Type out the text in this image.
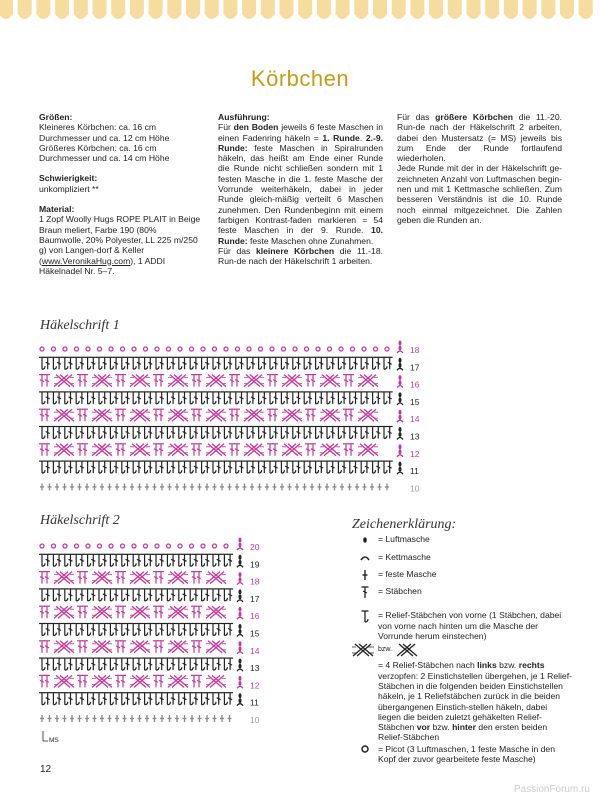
Körbchen

Größen:
Kleineres Körbchen: ca. 16 cm Durchmesser und ca. 12 cm Höhe
Größeres Körbchen: ca. 16 cm Durchmesser und ca. 14 cm Höhe

Schwierigkeit:
unkompliziert **

Material:
1 Zopf Woolly Hugs ROPE PLAIT in Beige Braun meliert, Farbe 190 (80% Baumwolle, 20% Polyester, LL 225 m/250 g) von Langen-dorf & Keller (www.VeronikaHug.com), 1 ADDI Häkelnadel Nr. 5–7.

Ausführung:
Für den Boden jeweils 6 feste Maschen in einen Fadenring häkeln = 1. Runde. 2.-9. Runde: feste Maschen in Spiralrunden häkeln, das heißt am Ende einer Runde die Runde nicht schließen sondern mit 1 festen Masche in die 1. feste Masche der Vorrunde weiterhäkeln, dabei in jeder Runde gleich-mäßig verteilt 6 Maschen zunehmen. Den Rundenbeginn mit einem farbigen Kontrast-faden markieren = 54 feste Maschen in der 9. Runde. 10. Runde: feste Maschen ohne Zunahmen.
Für das kleinere Körbchen die 11.-18. Run-de nach der Häkelschrift 1 arbeiten.
Für das größere Körbchen die 11.-20. Run-de nach der Häkelschrift 2 arbeiten, dabei den Mustersatz (= MS) jeweils bis zum Ende der Runde fortlaufend wiederholen.
Jede Runde mit der in der Häkelschrift ge-zeichneten Anzahl von Luftmaschen begin-nen und mit 1 Kettmasche schließen. Zum besseren Verständnis ist die 10. Runde noch einmal mitgezeichnet. Die Zahlen geben die Runden an.
Häkelschrift 1
18
17
16
15
14
13
12
11
10
Häkelschrift 2
20
19
18
17
16
15
14
13
12
11
10
MS
Zeichenerklärung:
= Luftmasche
= Kettmasche
= feste Masche
= Stäbchen
= Relief-Stäbchen von vorne (1 Stäbchen, dabei von vorne nach hinten um die Masche der Vorrunde herum einstechen)
bzw.
= 4 Relief-Stäbchen nach links bzw. rechts verzopfen: 2 Einstichstellen übergehen, je 1 Relief-Stäbchen in die folgenden beiden Einstichstellen häkeln, je 1 Reliefstäbchen zurück in die beiden übergangenen Einstich-stellen häkeln, dabei liegen die beiden zuletzt gehäkelten Relief-Stäbchen vor bzw. hinter den ersten beiden Relief-Stäbchen
= Picot (3 Luftmaschen, 1 feste Masche in den Kopf der zuvor gearbeitete feste Masche)
12
PassionForum.ru
